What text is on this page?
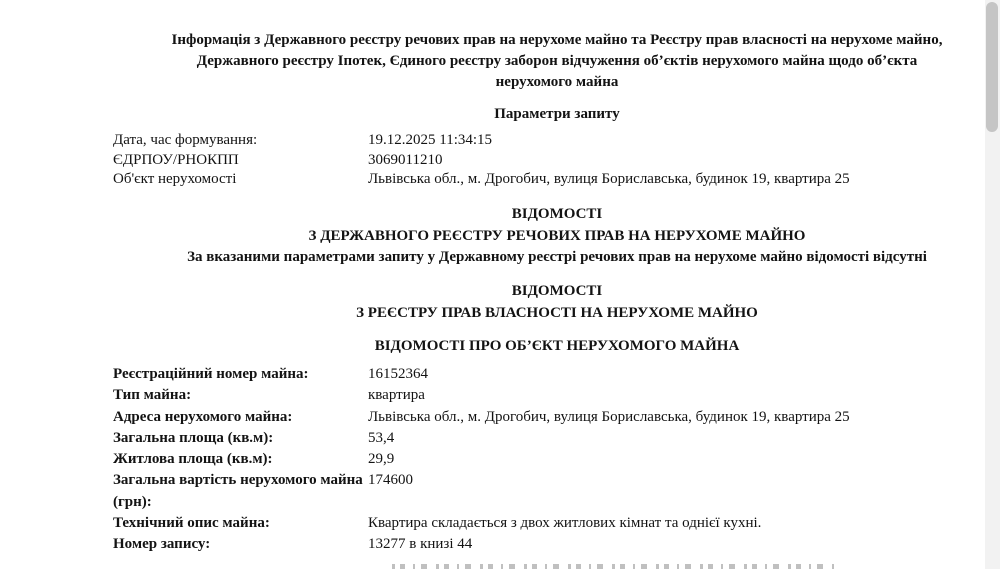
Інформація з Державного реєстру речових прав на нерухоме майно та Реєстру прав власності на нерухоме майно,
Державного реєстру Іпотек, Єдиного реєстру заборон відчуження об’єктів нерухомого майна щодо об’єкта
нерухомого майна
Параметри запиту
Дата, час формування:	19.12.2025 11:34:15
ЄДРПОУ/РНОКПП	3069011210
Об'єкт нерухомості	Львівська обл., м. Дрогобич, вулиця Бориславська, будинок 19, квартира 25
ВІДОМОСТІ
З ДЕРЖАВНОГО РЕЄСТРУ РЕЧОВИХ ПРАВ НА НЕРУХОМЕ МАЙНО
За вказаними параметрами запиту у Державному реєстрі речових прав на нерухоме майно відомості відсутні
ВІДОМОСТІ
З РЕЄСТРУ ПРАВ ВЛАСНОСТІ НА НЕРУХОМЕ МАЙНО
ВІДОМОСТІ ПРО ОБ’ЄКТ НЕРУХОМОГО МАЙНА
Реєстраційний номер майна:	16152364
Тип майна:	квартира
Адреса нерухомого майна:	Львівська обл., м. Дрогобич, вулиця Бориславська, будинок 19, квартира 25
Загальна площа (кв.м):	53,4
Житлова площа (кв.м):	29,9
Загальна вартість нерухомого майна (грн):
174600
Технічний опис майна:	Квартира складається з двох житлових кімнат та однієї кухні.
Номер запису:	13277 в книзі 44
